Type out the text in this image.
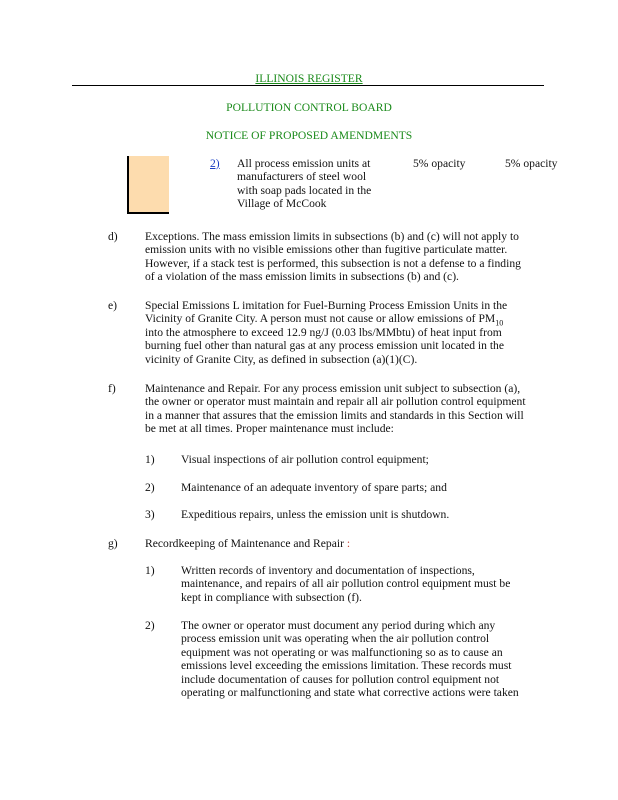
ILLINOIS REGISTER
POLLUTION CONTROL BOARD
NOTICE OF PROPOSED AMENDMENTS
2) All process emission units at
manufacturers of steel wool
with soap pads located in the
Village of McCook
5% opacity	5% opacity
d) Exceptions. The mass emission limits in subsections (b) and (c) will not apply to
emission units with no visible emissions other than fugitive particulate matter.
However, if a stack test is performed, this subsection is not a defense to a finding
of a violation of the mass emission limits in subsections (b) and (c).
e) Special Emissions L imitation for Fuel-Burning Process Emission Units in the
Vicinity of Granite City. A person must not cause or allow emissions of $PM_{10}$
into the atmosphere to exceed 12.9 ng/J (0.03 lbs/MMbtu) of heat input from
burning fuel other than natural gas at any process emission unit located in the
vicinity of Granite City, as defined in subsection (a)(1)(C).
f)	Maintenance and Repair. For any process emission unit subject to subsection (a),
the owner or operator must maintain and repair all air pollution control equipment
in a manner that assures that the emission limits and standards in this Section will
be met at all times. Proper maintenance must include:
1) Visual inspections of air pollution control equipment;
2) Maintenance of an adequate inventory of spare parts; and
3) Expeditious repairs, unless the emission unit is shutdown.
g) Recordkeeping of Maintenance and Repair :
1) Written records of inventory and documentation of inspections,
maintenance, and repairs of all air pollution control equipment must be
kept in compliance with subsection (f).
2) The owner or operator must document any period during which any
process emission unit was operating when the air pollution control
equipment was not operating or was malfunctioning so as to cause an
emissions level exceeding the emissions limitation. These records must
include documentation of causes for pollution control equipment not
operating or malfunctioning and state what corrective actions were taken
